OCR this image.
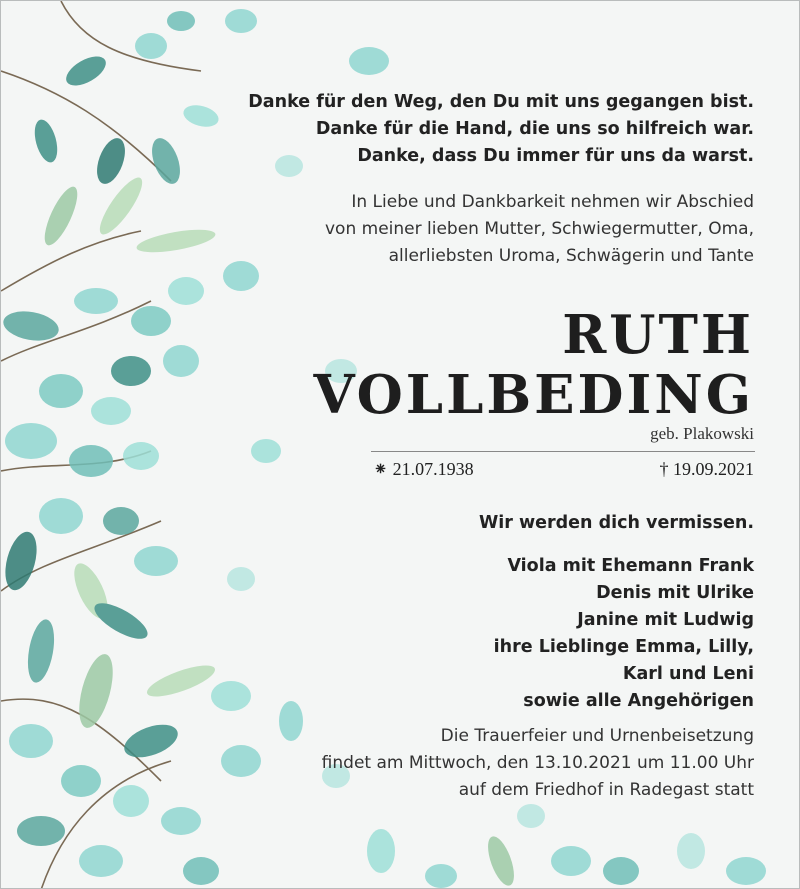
Danke für den Weg, den Du mit uns gegangen bist.
Danke für die Hand, die uns so hilfreich war.
Danke, dass Du immer für uns da warst.
In Liebe und Dankbarkeit nehmen wir Abschied
von meiner lieben Mutter, Schwiegermutter, Oma,
allerliebsten Uroma, Schwägerin und Tante
RUTH
VOLLBEDING
geb. Plakowski
⁕ 21.07.1938	† 19.09.2021
Wir werden dich vermissen.
Viola mit Ehemann Frank
Denis mit Ulrike
Janine mit Ludwig
ihre Lieblinge Emma, Lilly,
Karl und Leni
sowie alle Angehörigen
Die Trauerfeier und Urnenbeisetzung
findet am Mittwoch, den 13.10.2021 um 11.00 Uhr
auf dem Friedhof in Radegast statt
